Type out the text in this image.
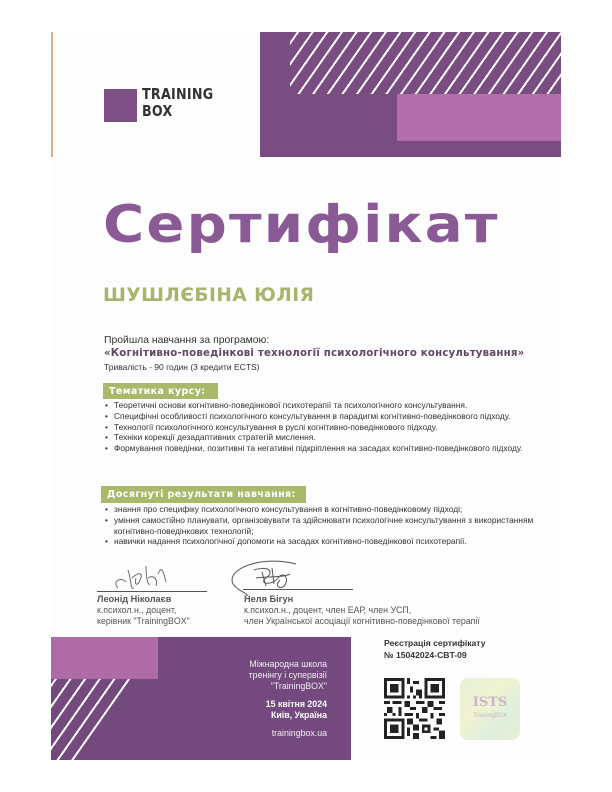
TRAINING
BOX
Сертифікат
ШУШЛЄБІНА ЮЛІЯ
Пройшла навчання за програмою:
«Когнітивно-поведінкові технології психологічного консультування»
Тривалість - 90 годин (3 кредити ECTS)
Тематика курсу:
• Теоретичні основи когнітивно-поведінкової психотерапії та психологічного консультування.
• Специфічні особливості психологічного консультування в парадигмі когнітивно-поведінкового підходу.
• Технології психологічного консультування в руслі когнітивно-поведінкового підходу.
• Техніки корекції дезадаптивних стратегій мислення.
• Формування поведінки, позитивні та негативні підкріплення на засадах когнітивно-поведінкового підходу.
Досягнуті результати навчання:
• знання про специфіку психологічного консультування в когнітивно-поведінковому підході;
• уміння самостійно планувати, організовувати та здійснювати психологічне консультування з використанням когнітивно-поведінкових технологій;
• навички надання психологічної допомоги на засадах когнітивно-поведінкової психотерапії.
Леонід Ніколаєв
к.психол.н., доцент,
керівник "TrainingBOX"
Неля Бігун
к.психол.н., доцент, член ЕАР, член УСП,
член Української асоціації когнітивно-поведінкової терапії
Міжнародна школа
тренінгу і супервізії
"TrainingBOX"
15 квітня 2024
Київ, Україна
trainingbox.ua
Реєстрація сертифікату
№ 15042024-CBT-09
ISTS
TrainingBOX
